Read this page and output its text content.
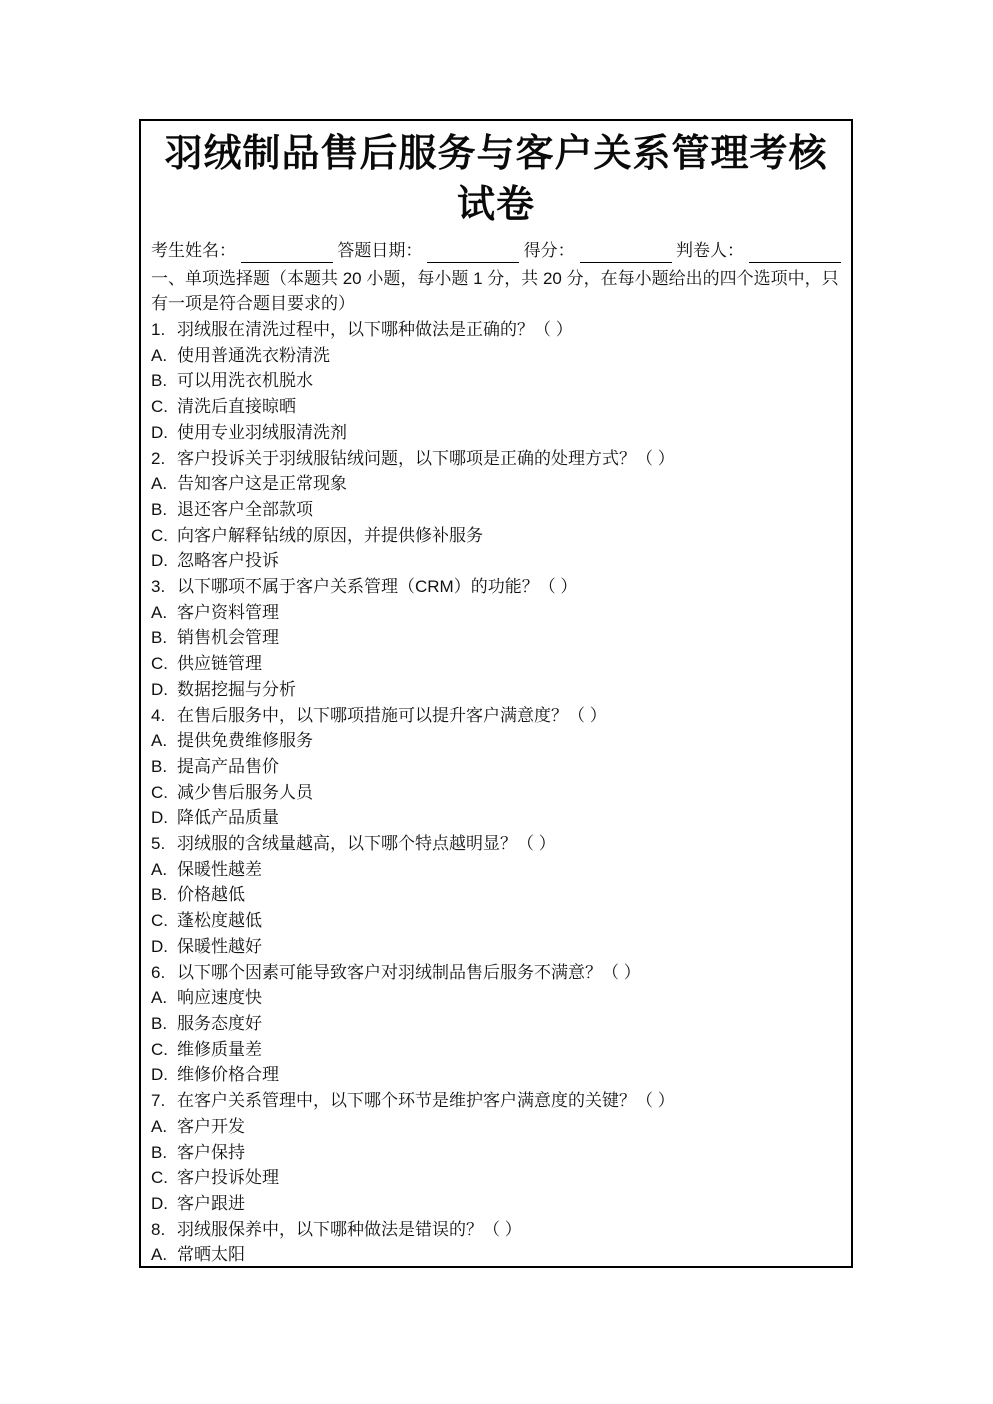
羽绒制品售后服务与客户关系管理考核试卷
考生姓名：	答题日期：	得分：	判卷人：

一、单项选择题（本题共 20 小题，每小题 1 分，共 20 分，在每小题给出的四个选项中，只有一项是符合题目要求的）

1. 羽绒服在清洗过程中，以下哪种做法是正确的？（ ）
A. 使用普通洗衣粉清洗
B. 可以用洗衣机脱水
C. 清洗后直接晾晒
D. 使用专业羽绒服清洗剂
2. 客户投诉关于羽绒服钻绒问题，以下哪项是正确的处理方式？（ ）
A. 告知客户这是正常现象
B. 退还客户全部款项
C. 向客户解释钻绒的原因，并提供修补服务
D. 忽略客户投诉
3. 以下哪项不属于客户关系管理（CRM）的功能？（ ）
A. 客户资料管理
B. 销售机会管理
C. 供应链管理
D. 数据挖掘与分析
4. 在售后服务中，以下哪项措施可以提升客户满意度？（ ）
A. 提供免费维修服务
B. 提高产品售价
C. 减少售后服务人员
D. 降低产品质量
5. 羽绒服的含绒量越高，以下哪个特点越明显？（ ）
A. 保暖性越差
B. 价格越低
C. 蓬松度越低
D. 保暖性越好
6. 以下哪个因素可能导致客户对羽绒制品售后服务不满意？（ ）
A. 响应速度快
B. 服务态度好
C. 维修质量差
D. 维修价格合理
7. 在客户关系管理中，以下哪个环节是维护客户满意度的关键？（ ）
A. 客户开发
B. 客户保持
C. 客户投诉处理
D. 客户跟进
8. 羽绒服保养中，以下哪种做法是错误的？（ ）
A. 常晒太阳
